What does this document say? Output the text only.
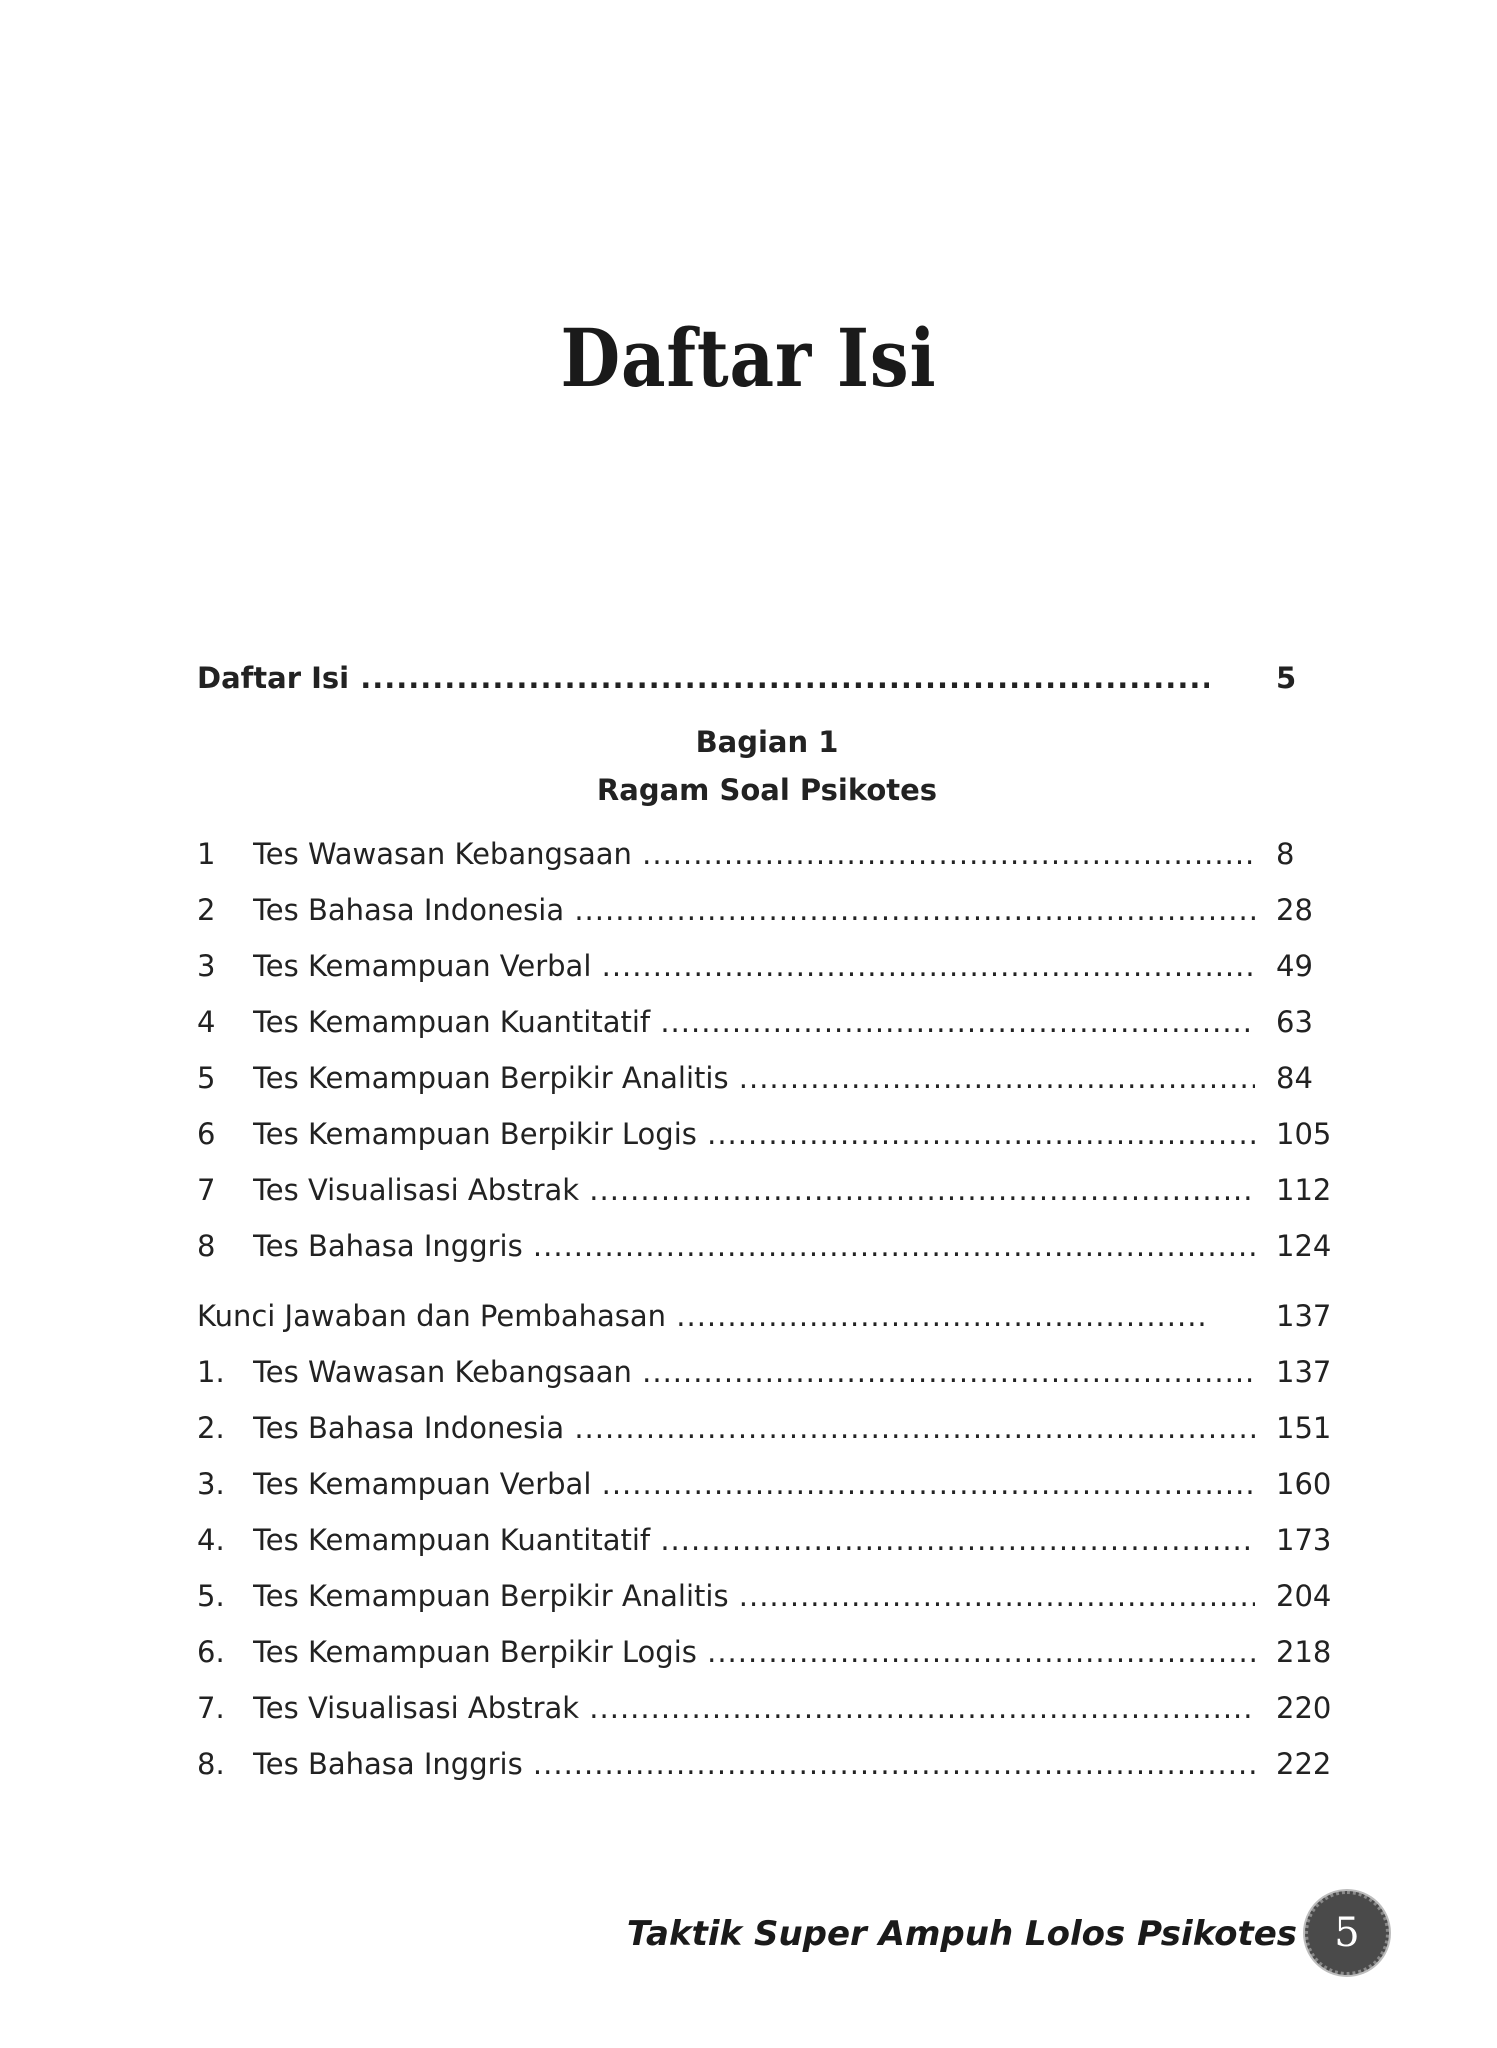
Daftar Isi
Daftar Isi .....	5
Bagian 1
Ragam Soal Psikotes
1 Tes Wawasan Kebangsaan .....	8
2 Tes Bahasa Indonesia .....	28
3 Tes Kemampuan Verbal .....	49
4 Tes Kemampuan Kuantitatif .....	63
5 Tes Kemampuan Berpikir Analitis .....	84
6 Tes Kemampuan Berpikir Logis .....	105
7 Tes Visualisasi Abstrak .....	112
8 Tes Bahasa Inggris .....	124
Kunci Jawaban dan Pembahasan .....	137
1. Tes Wawasan Kebangsaan .....	137
2. Tes Bahasa Indonesia .....	151
3. Tes Kemampuan Verbal .....	160
4. Tes Kemampuan Kuantitatif .....	173
5. Tes Kemampuan Berpikir Analitis .....	204
6. Tes Kemampuan Berpikir Logis .....	218
7. Tes Visualisasi Abstrak .....	220
8. Tes Bahasa Inggris .....	222
Taktik Super Ampuh Lolos Psikotes 5
